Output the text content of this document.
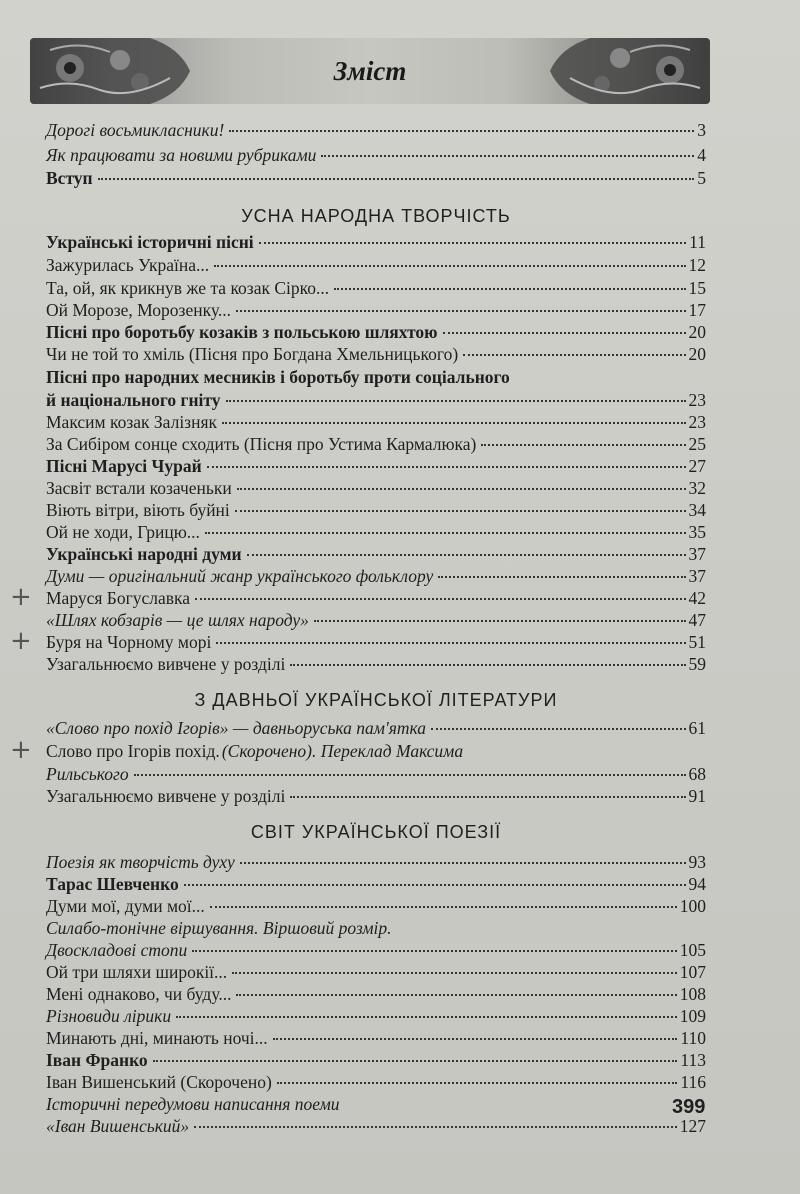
Зміст
Дорогі восьмикласники!	3
Як працювати за новими рубриками	4
Вступ	5
УСНА НАРОДНА ТВОРЧІСТЬ
Українські історичні пісні	11
Зажурилась Україна...	12
Та, ой, як крикнув же та козак Сірко...	15
Ой Морозе, Морозенку...	17
Пісні про боротьбу козаків з польською шляхтою	20
Чи не той то хміль (Пісня про Богдана Хмельницького)	20
Пісні про народних месників і боротьбу проти соціального
й національного гніту	23
Максим козак Залізняк	23
За Сибіром сонце сходить (Пісня про Устима Кармалюка)	25
Пісні Марусі Чурай	27
Засвіт встали козаченьки	32
Віють вітри, віють буйні	34
Ой не ходи, Грицю...	35
Українські народні думи	37
Думи — оригінальний жанр українського фольклору	37
Маруся Богуславка	42
«Шлях кобзарів — це шлях народу»	47
Буря на Чорному морі	51
Узагальнюємо вивчене у розділі	59
З ДАВНЬОЇ УКРАЇНСЬКОЇ ЛІТЕРАТУРИ
«Слово про похід Ігорів» — давньоруська пам'ятка	61
Слово про Ігорів похід. (Скорочено). Переклад Максима
Рильського	68
Узагальнюємо вивчене у розділі	91
СВІТ УКРАЇНСЬКОЇ ПОЕЗІЇ
Поезія як творчість духу	93
Тарас Шевченко	94
Думи мої, думи мої...	100
Силабо-тонічне віршування. Віршовий розмір.
Двоскладові стопи	105
Ой три шляхи широкії...	107
Мені однаково, чи буду...	108
Різновиди лірики	109
Минають дні, минають ночі...	110
Іван Франко	113
Іван Вишенський (Скорочено)	116
Історичні передумови написання поеми
«Іван Вишенський»	127
+
+
+
399
